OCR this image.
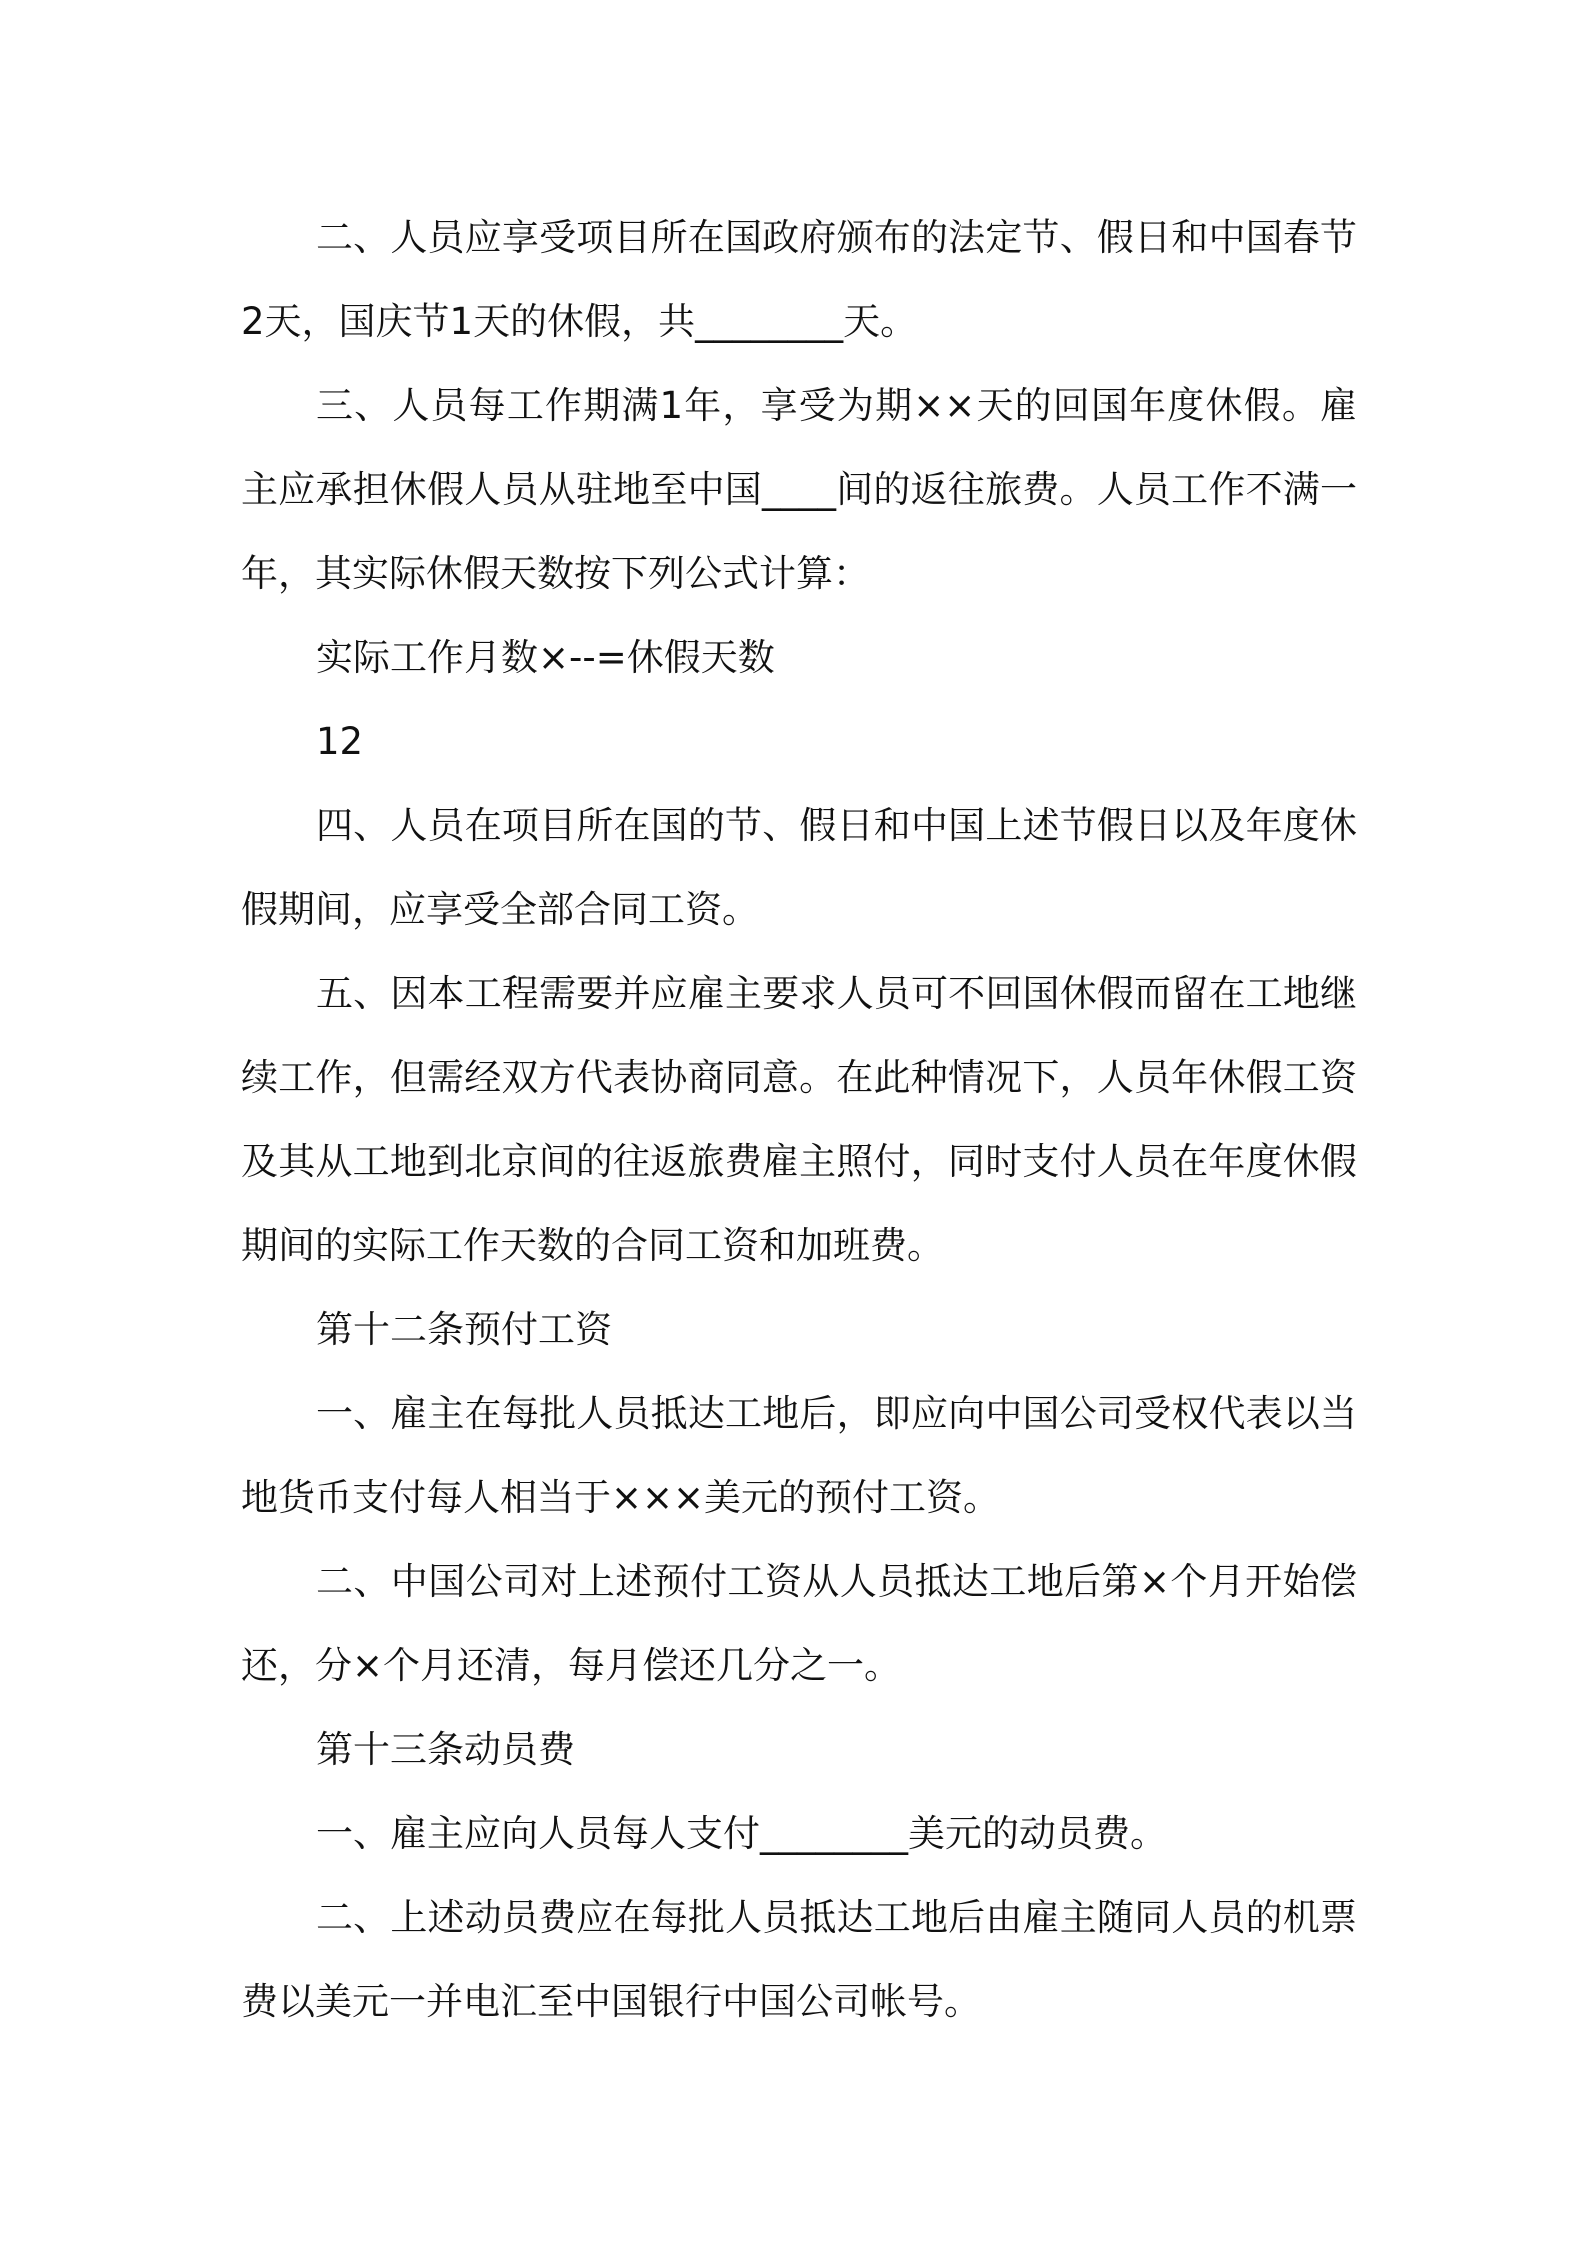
二、人员应享受项目所在国政府颁布的法定节、假日和中国春节2天，国庆节1天的休假，共________天。

三、人员每工作期满1年，享受为期××天的回国年度休假。雇主应承担休假人员从驻地至中国____间的返往旅费。人员工作不满一年，其实际休假天数按下列公式计算：

实际工作月数×--=休假天数

12

四、人员在项目所在国的节、假日和中国上述节假日以及年度休假期间，应享受全部合同工资。

五、因本工程需要并应雇主要求人员可不回国休假而留在工地继续工作，但需经双方代表协商同意。在此种情况下，人员年休假工资及其从工地到北京间的往返旅费雇主照付，同时支付人员在年度休假期间的实际工作天数的合同工资和加班费。

第十二条预付工资

一、雇主在每批人员抵达工地后，即应向中国公司受权代表以当地货币支付每人相当于×××美元的预付工资。

二、中国公司对上述预付工资从人员抵达工地后第×个月开始偿还，分×个月还清，每月偿还几分之一。

第十三条动员费

一、雇主应向人员每人支付________美元的动员费。

二、上述动员费应在每批人员抵达工地后由雇主随同人员的机票费以美元一并电汇至中国银行中国公司帐号。
